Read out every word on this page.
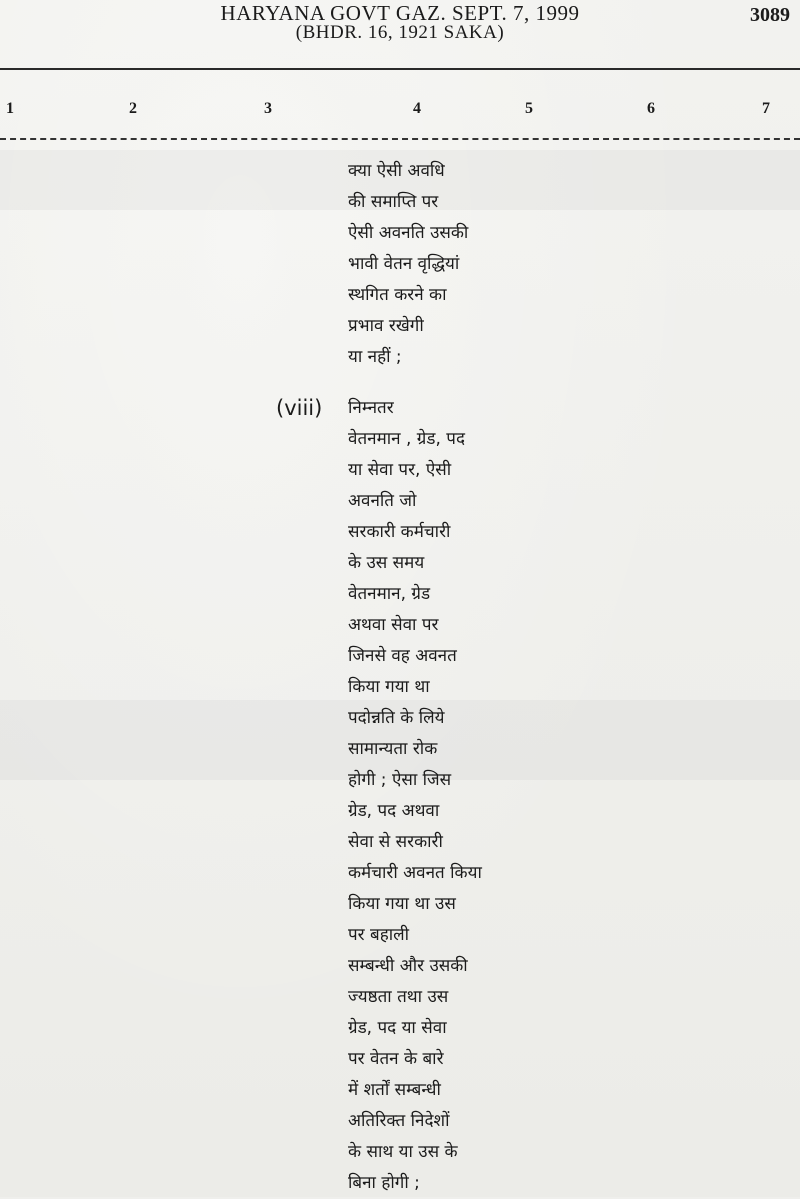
HARYANA GOVT GAZ. SEPT. 7, 1999
(BHDR. 16, 1921 SAKA)
3089
1	2	3	4	5	6	7
(viii)
क्या ऐसी अवधि
की समाप्ति पर
ऐसी अवनति उसकी
भावी वेतन वृद्धियां
स्थगित करने का
प्रभाव रखेगी
या नहीं ;
निम्नतर
वेतनमान , ग्रेड, पद
या सेवा पर, ऐसी
अवनति जो
सरकारी कर्मचारी
के उस समय
वेतनमान, ग्रेड
अथवा सेवा पर
जिनसे वह अवनत
किया गया था
पदोन्नति के लिये
सामान्यता रोक
होगी ; ऐसा जिस
ग्रेड, पद अथवा
सेवा से सरकारी
कर्मचारी अवनत किया
किया गया था उस
पर बहाली
सम्बन्धी और उसकी
ज्यष्ठता तथा उस
ग्रेड, पद या सेवा
पर वेतन के बारे
में शर्तों सम्बन्धी
अतिरिक्त निदेशों
के साथ या उस के
बिना होगी ;
